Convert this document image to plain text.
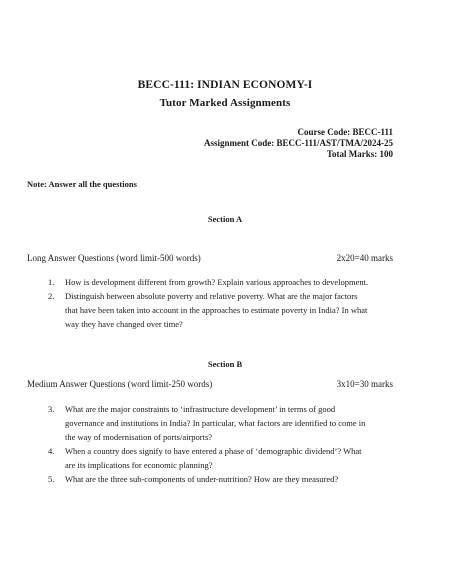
BECC-111: INDIAN ECONOMY-I
Tutor Marked Assignments
Course Code: BECC-111
Assignment Code: BECC-111/AST/TMA/2024-25
Total Marks: 100
Note: Answer all the questions
Section A
Long Answer Questions (word limit-500 words)	2x20=40 marks
1. How is development different from growth? Explain various approaches to development.
2. Distinguish between absolute poverty and relative poverty. What are the major factors
that have been taken into account in the approaches to estimate poverty in India? In what
way they have changed over time?
Section B
Medium Answer Questions (word limit-250 words)	3x10=30 marks
3. What are the major constraints to ‘infrastructure development’ in terms of good
governance and institutions in India? In particular, what factors are identified to come in
the way of modernisation of ports/airports?
4. When a country does signify to have entered a phase of ‘demographic dividend’? What
are its implications for economic planning?
5. What are the three sub-components of under-nutrition? How are they measured?
